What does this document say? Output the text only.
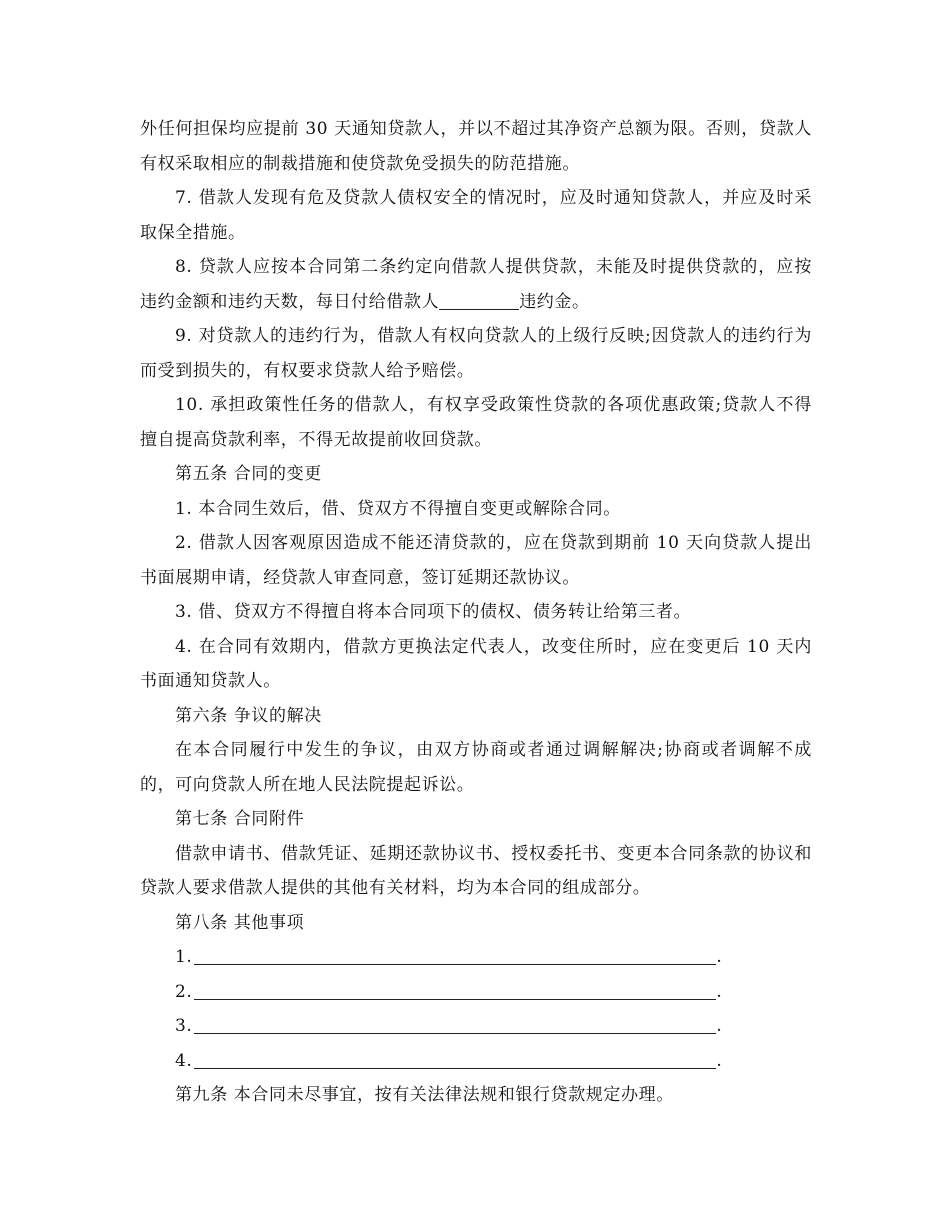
外任何担保均应提前 30 天通知贷款人，并以不超过其净资产总额为限。否则，贷款人有权采取相应的制裁措施和使贷款免受损失的防范措施。

7. 借款人发现有危及贷款人债权安全的情况时，应及时通知贷款人，并应及时采取保全措施。

8. 贷款人应按本合同第二条约定向借款人提供贷款，未能及时提供贷款的，应按违约金额和违约天数，每日付给借款人	违约金。

9. 对贷款人的违约行为，借款人有权向贷款人的上级行反映;因贷款人的违约行为而受到损失的，有权要求贷款人给予赔偿。

10. 承担政策性任务的借款人，有权享受政策性贷款的各项优惠政策;贷款人不得擅自提高贷款利率，不得无故提前收回贷款。

第五条 合同的变更

1. 本合同生效后，借、贷双方不得擅自变更或解除合同。

2. 借款人因客观原因造成不能还清贷款的，应在贷款到期前 10 天向贷款人提出书面展期申请，经贷款人审查同意，签订延期还款协议。

3. 借、贷双方不得擅自将本合同项下的债权、债务转让给第三者。

4. 在合同有效期内，借款方更换法定代表人，改变住所时，应在变更后 10 天内书面通知贷款人。

第六条 争议的解决

在本合同履行中发生的争议，由双方协商或者通过调解解决;协商或者调解不成的，可向贷款人所在地人民法院提起诉讼。

第七条 合同附件

借款申请书、借款凭证、延期还款协议书、授权委托书、变更本合同条款的协议和贷款人要求借款人提供的其他有关材料，均为本合同的组成部分。

第八条 其他事项

1.	.

2.	.

3.	.

4.	.

第九条 本合同未尽事宜，按有关法律法规和银行贷款规定办理。
